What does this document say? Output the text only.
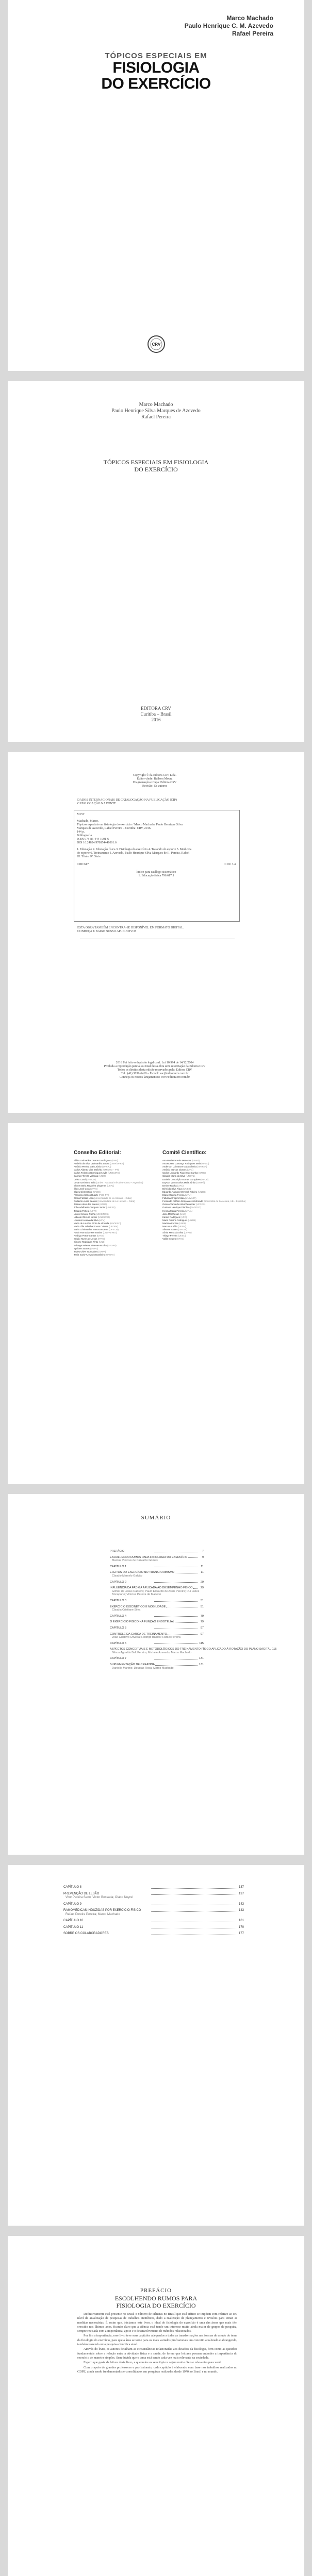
Marco Machado
Paulo Henrique C. M. Azevedo
Rafael Pereira
TÓPICOS ESPECIAIS EM
FISIOLOGIA
DO EXERCÍCIO
CRV
Marco Machado
Paulo Henrique Silva Marques de Azevedo
Rafael Pereira
TÓPICOS ESPECIAIS EM FISIOLOGIA
DO EXERCÍCIO
EDITORA CRV
Curitiba – Brasil
2016
Copyright © da Editora CRV Ltda.
Editor-chefe: Railson Moura
Diagramação e Capa: Editora CRV
Revisão: Os autores
DADOS INTERNACIONAIS DE CATALOGAÇÃO NA PUBLICAÇÃO (CIP)
CATALOGAÇÃO NA FONTE
M15T
Machado, Marco.
Tópicos especiais em fisiologia do exercício / Marco Machado, Paulo Henrique Silva
Marques de Azevedo, Rafael Pereira – Curitiba: CRV, 2016.
144 p.
Bibliografia
ISBN 978-85-444-1001-6
DOI 10.24824/978854441001.6
1. Educação 2. Educação física 3. Fisiologia do exercício 4. Tratando do esporte 5. Medicina
do esporte 6. Treinamento I. Azevedo, Paulo Henrique Silva Marques de II. Pereira, Rafael
III. Título IV. Série.
CDD 617	CDU 3.4
Índice para catálogo sistemático
1. Educação física 796.617.1
ESTA OBRA TAMBÉM ENCONTRA-SE DISPONÍVEL EM FORMATO DIGITAL.
CONHEÇA E BAIXE NOSSO APLICATIVO!
2016 Foi feito o depósito legal conf. Lei 10.994 de 14/12/2004
Proibida a reprodução parcial ou total desta obra sem autorização da Editora CRV
Todos os direitos desta edição reservados pela: Editora CRV
Tel.: (41) 3039-6418 – E-mail: sac@editoracrv.com.br
Conheça os nossos lançamentos: www.editoracrv.com.br
Conselho Editorial:	Comitê Científico:
Aldira Guimarães Duarte Domínguez (UNB)
Andréia da Silva Quintanilha Sousa (UNIR/UFRN)
Antônio Pereira Gaio Júnior (UFRRJ)
Carlos Alberto Vilar Estêvão (UMINHO – PT)
Carlos Federico Dominguez Avila (UNIEURO)
Carmen Tereza Velanga (UNIR)
Celso Conti (UFSCar)
Cesar Gerónimo Tello (Univer. Nacional Três de Febrero – Argentina)
Elione Maria Nogueira Diogenes (UFAL)
Élsio José Corá (UFFS)
Elizeu Clementino (UNEB)
Francisco Carlos Duarte (PUC-PR)
Gloria Fariñas León (Universidade de La Havana – Cuba)
Guillermo Arias Beatón (Universidade de La Havana – Cuba)
Jailson Alves dos Santos (UFRJ)
João Adalberto Campato Junior (UNESP)
Josania Portela (UFPI)
Leonel Severo Rocha (UNISINOS)
Lídia de Oliveira Xavier (UNIEURO)
Lourdes Helena da Silva (UFV)
Maria de Lourdes Pinto de Almeida (UNOESC)
Maria Lília Imbiriba Sousa Colares (UFOPA)
Maria Cristina dos Santos Bezerra (UFSCar)
Paulo Romualdo Hernandes (UNIFAL-MG)
Rodrigo Pratte-Santos (UFES)
Sérgio Nunes de Jesus (IFRO)
Simone Rodrigues Pinto (UNB)
Solange Helena Ximenes-Rocha (UFOPA)
Sydione Santos (UEPG)
Tadeu Oliver Gonçalves (UFPA)
Tania Suely Azevedo Brasileiro (UFOPA)
Ana Maria Ferreira Menezes (UNEB)
Ana Rosete Camargo Rodrigues Maia (UFSC)
Anderson Luiz Bezerra da Silveira (UNIFAP)
Antônio Marcos Chaves (UFC)
Carlos Leonardo Figueiredo Cunha (UFRJ)
Claudia Maria da Silva (UNIFAL)
Daniela Conceição Gomes Gonçalves (UFJF)
Dayson Vasconcelos Maia Júnior (UNIPÊ)
Denise Rocha (UFC)
Dirlei da Silva Fiaux (UNEB)
Eduardo Augusto Werneck Ribeiro (UNEB)
Eliane Regina Pereira (UFU)
Fabiana Crispim Maia (UNIVASF)
Fernando Antônio Gonçalves Alcoforado (Universitat de Barcelona, UB – Espanha)
Gelson Vanderlei Weschenfelder (UFRGS)
Gustavo Henrique Dionísio (FAGDOC)
Helena Maria Ferreira (UFLA)
Jairo Marchesan (UnC)
Karine Rodrigues (UFC)
Maria Cristina Rodrigues (UNEB)
Mariana Ferrão (UNEB)
Marcos Aurélio (UFSM)
Silvana Soares (UNIJUÍ)
Sônia Maria da Silva (UFRN)
Thiago Pereira (UESC)
Valdir Borges (UFSC)
SUMÁRIO
PREFÁCIO	7
ESCOLHENDO RUMOS PARA FISIOLOGIA DO EXERCÍCIO	9
Marcus Vinicius de Carvalho Gomes
CAPÍTULO 1	11
EFEITOS DO EXERCÍCIO NO TRANSFORMISMO	11
Claudio Marcelo Galvão
CAPÍTULO 2	29
INFLUÊNCIA DA FADIGA APLICADA AO DESEMPENHO FÍSICO	29
Gilmar de Jesus Cabrera; Paulo Eduardo de Assis Pereira; Rui Luzes Bonaparte; Vinicius Pereira de Macedo
CAPÍTULO 3	51
EXERCÍCIO ISOCINÉTICO E MOBILIDADE	51
Claudia Cristiane Silva
CAPÍTULO 4	79
O EXERCÍCIO FÍSICO NA FUNÇÃO ENDOTELIAL	79
CAPÍTULO 5	97
CONTROLE DA CARGA DE TREINAMENTO	97
João Gustavo Oliveira; Rodrigo Bastos; Rafael Pereira
CAPÍTULO 6	115
ASPECTOS CONCEITUAIS E METODOLÓGICOS DO TREINAMENTO FÍSICO APLICADO À ROTAÇÃO DO PLANO SAGITAL 115
Nilson Agnaldo Balt Pereira; Michele Azevedo; Marco Machado
CAPÍTULO 7	131
SUPLEMENTAÇÃO DE CREATINA	131
Danielle Martins; Douglas Rosa; Marco Machado
CAPÍTULO 8	137
PREVENÇÃO DE LESÃO	137
Vitor Pereira Sano; Victor Bessada; Olabo Neyrel
CAPÍTULO 9	143
RAMOMÉDICAS INDUZIDAS POR EXERCÍCIO FÍSICO	143
Rafael Pereira Pereira; Marco Machado
CAPÍTULO 10	161
CAPÍTULO 11	170
SOBRE OS COLABORADORES	177
PREFÁCIO
ESCOLHENDO RUMOS PARA
FISIOLOGIA DO EXERCÍCIO

Definitivamente está presente no Brasil o número de ciências no Brasil que está crítico se impõem com relativo ao seu nível de atualização de pesquisas de trabalhos científicos, dado a realização de planejamento e revisões para tomar as medidas necessárias. É assim que, iniciamos este livro, o ideal de fisiologia do exercício é uma das áreas que mais têm crescido nos últimos anos, ficando claro que a ciência está tendo um interesse muito ainda maior de grupos de pesquisa, sempre revisada com a importância, apoio e o desenvolvimento de métodos relacionados.

Por fim a importância, esse livro teve seus capítulos adequados a todas as transformações nas formas de estudo do tema da fisiologia do exercício, para que a área se torne para os mais variados profissionais um conceito atualizado e abrangendo, também trazendo uma pesquisa científica atual.

Através do livro, os autores detalham as circunstâncias relacionadas aos desafios da fisiologia, bem como as questões fundamentais sobre a relação entre a atividade física e a saúde, de forma que leitores possam entender a importância do exercício de maneira simples. Sem dúvida que o tema está sendo cada vez mais relevante na sociedade.

Espero que goste da leitura deste livro, e que todos os seus tópicos sejam muito úteis e relevantes para você.

Com o apoio de grandes professores e profissionais, cada capítulo é elaborado com base nos trabalhos realizados no CDPE, ainda sendo fundamentados e consolidados em pesquisas realizadas desde 1970 no Brasil e no mundo.
